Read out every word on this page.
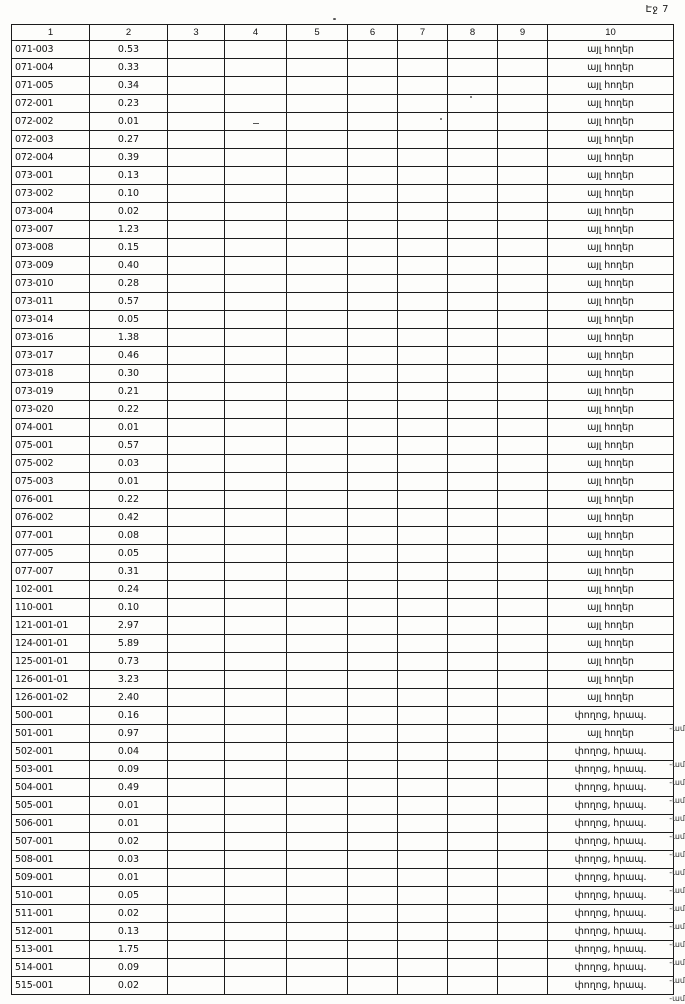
Էջ 7
1	2	3	4	5	6	7	8	9	10
071-003	0.53								այլ հողեր
071-004	0.33								այլ հողեր
071-005	0.34								այլ հողեր
072-001	0.23								այլ հողեր
072-002	0.01								այլ հողեր
072-003	0.27								այլ հողեր
072-004	0.39								այլ հողեր
073-001	0.13								այլ հողեր
073-002	0.10								այլ հողեր
073-004	0.02								այլ հողեր
073-007	1.23								այլ հողեր
073-008	0.15								այլ հողեր
073-009	0.40								այլ հողեր
073-010	0.28								այլ հողեր
073-011	0.57								այլ հողեր
073-014	0.05								այլ հողեր
073-016	1.38								այլ հողեր
073-017	0.46								այլ հողեր
073-018	0.30								այլ հողեր
073-019	0.21								այլ հողեր
073-020	0.22								այլ հողեր
074-001	0.01								այլ հողեր
075-001	0.57								այլ հողեր
075-002	0.03								այլ հողեր
075-003	0.01								այլ հողեր
076-001	0.22								այլ հողեր
076-002	0.42								այլ հողեր
077-001	0.08								այլ հողեր
077-005	0.05								այլ հողեր
077-007	0.31								այլ հողեր
102-001	0.24								այլ հողեր
110-001	0.10								այլ հողեր
121-001-01	2.97								այլ հողեր
124-001-01	5.89								այլ հողեր
125-001-01	0.73								այլ հողեր
126-001-01	3.23								այլ հողեր
126-001-02	2.40								այլ հողեր
500-001	0.16								փողոց, հրապ.
501-001	0.97								այլ հողեր
502-001	0.04								փողոց, հրապ.
503-001	0.09								փողոց, հրապ.
504-001	0.49								փողոց, հրապ.
505-001	0.01								փողոց, հրապ.
506-001	0.01								փողոց, հրապ.
507-001	0.02								փողոց, հրապ.
508-001	0.03								փողոց, հրապ.
509-001	0.01								փողոց, հրապ.
510-001	0.05								փողոց, հրապ.
511-001	0.02								փողոց, հրապ.
512-001	0.13								փողոց, հրապ.
513-001	1.75								փողոց, հրապ.
514-001	0.09								փողոց, հրապ.
515-001	0.02								փողոց, հրապ.
-ամ
-ամ
-ամ
-ամ
-ամ
-ամ
-ամ
-ամ
-ամ
-ամ
-ամ
-ամ
-ամ
-ամ
-ամ
